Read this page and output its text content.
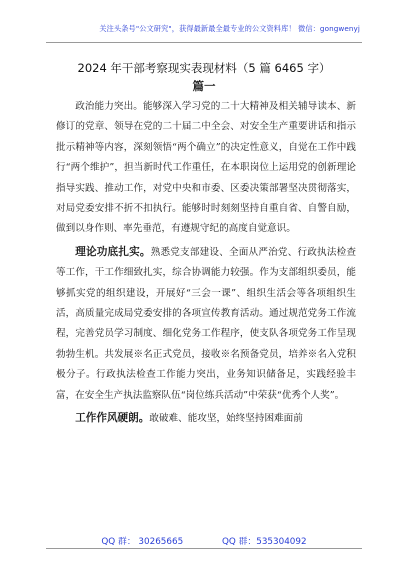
关注头条号"公文研究"，获得最新最全最专业的公文资料库！ 微信：gongwenyj
2024 年干部考察现实表现材料（5 篇 6465 字）
篇一

政治能力突出。能够深入学习党的二十大精神及相关辅导读本、新修订的党章、领导在党的二十届二中全会、对安全生产重要讲话和指示批示精神等内容，深刻领悟“两个确立”的决定性意义，自觉在工作中践行“两个维护”，担当新时代工作重任，在本职岗位上运用党的创新理论指导实践、推动工作，对党中央和市委、区委决策部署坚决贯彻落实，对局党委安排不折不扣执行。能够时时刻刻坚持自重自省、自警自励，做到以身作则、率先垂范，有遵规守纪的高度自觉意识。

理论功底扎实。熟悉党支部建设、全面从严治党、行政执法检查等工作，干工作细致扎实，综合协调能力较强。作为支部组织委员，能够抓实党的组织建设，开展好“三会一课”、组织生活会等各项组织生活，高质量完成局党委安排的各项宣传教育活动。通过规范党务工作流程，完善党员学习制度、细化党务工作程序，使支队各项党务工作呈现勃勃生机。共发展※名正式党员，接收※名预备党员，培养※名入党积极分子。行政执法检查工作能力突出，业务知识储备足，实践经验丰富，在安全生产执法监察队伍“岗位练兵活动”中荣获“优秀个人奖”。

工作作风硬朗。敢破难、能攻坚，始终坚持困难面前

QQ 群： 30265665	QQ 群：535304092
